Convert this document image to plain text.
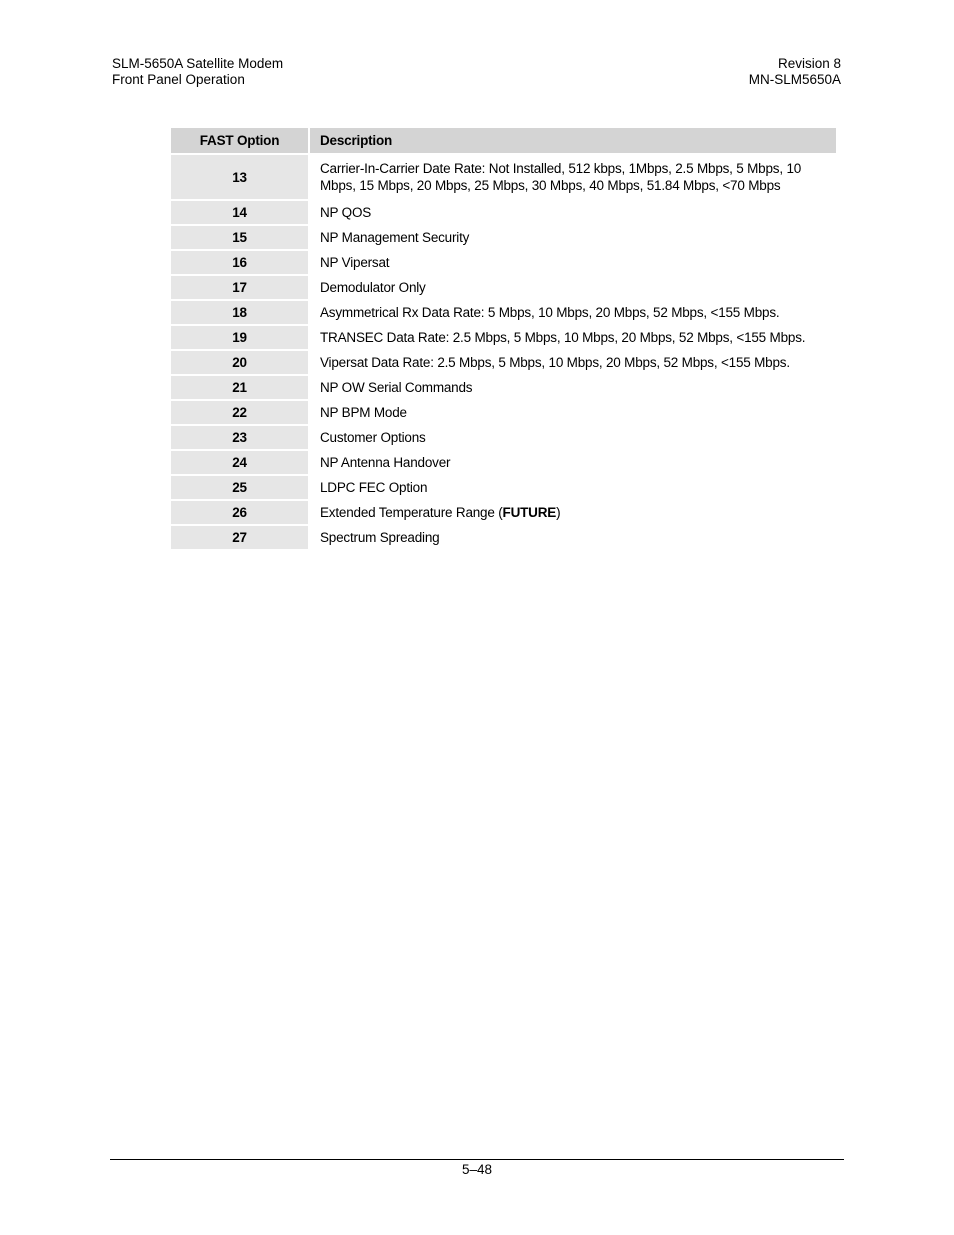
SLM-5650A Satellite Modem
Front Panel Operation
Revision 8
MN-SLM5650A
FAST Option	Description
13	Carrier-In-Carrier Date Rate: Not Installed, 512 kbps, 1Mbps, 2.5 Mbps, 5 Mbps, 10 Mbps, 15 Mbps, 20 Mbps, 25 Mbps, 30 Mbps, 40 Mbps, 51.84 Mbps, <70 Mbps
14	NP QOS
15	NP Management Security
16	NP Vipersat
17	Demodulator Only
18	Asymmetrical Rx Data Rate: 5 Mbps, 10 Mbps, 20 Mbps, 52 Mbps, <155 Mbps.
19	TRANSEC Data Rate: 2.5 Mbps, 5 Mbps, 10 Mbps, 20 Mbps, 52 Mbps, <155 Mbps.
20	Vipersat Data Rate: 2.5 Mbps, 5 Mbps, 10 Mbps, 20 Mbps, 52 Mbps, <155 Mbps.
21	NP OW Serial Commands
22	NP BPM Mode
23	Customer Options
24	NP Antenna Handover
25	LDPC FEC Option
26	Extended Temperature Range (FUTURE)
27	Spectrum Spreading
5–48
